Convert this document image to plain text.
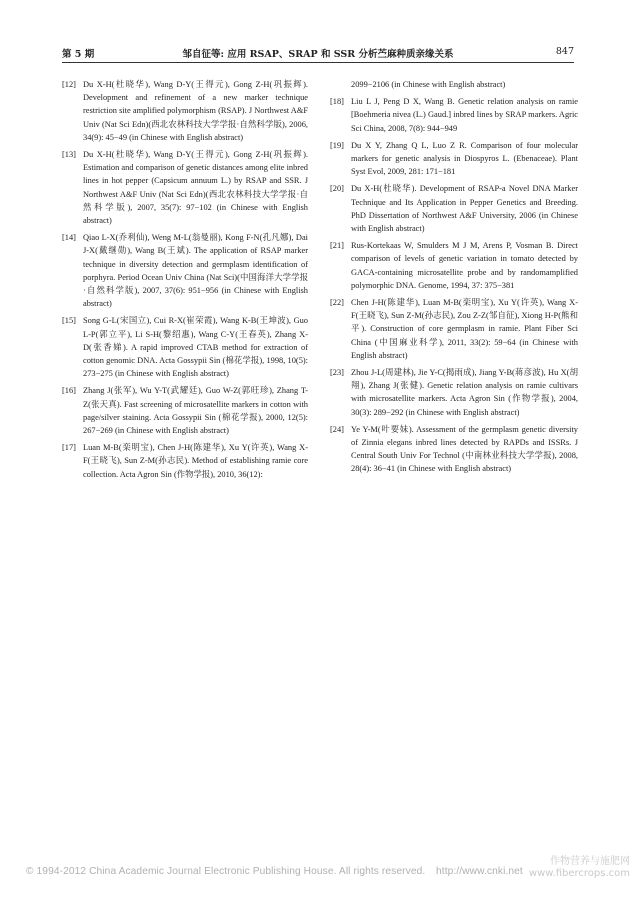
第 5 期	邹自征等: 应用 RSAP、SRAP 和 SSR 分析苎麻种质亲缘关系	847
[12] Du X-H(杜晓华), Wang D-Y(王得元), Gong Z-H(巩振辉). Development and refinement of a new marker technique restriction site amplified polymorphism (RSAP). J Northwest A&F Univ (Nat Sci Edn)(西北农林科技大学学报·自然科学版), 2006, 34(9): 45−49 (in Chinese with English abstract)
[13] Du X-H(杜晓华), Wang D-Y(王得元), Gong Z-H(巩振辉). Estimation and comparison of genetic distances among elite inbred lines in hot pepper (Capsicum annuum L.) by RSAP and SSR. J Northwest A&F Univ (Nat Sci Edn)(西北农林科技大学学报·自然科学版), 2007, 35(7): 97−102 (in Chinese with English abstract)
[14] Qiao L-X(乔利仙), Weng M-L(翁曼丽), Kong F-N(孔凡娜), Dai J-X(戴继勋), Wang B(王斌). The application of RSAP marker technique in diversity detection and germplasm identification of porphyra. Period Ocean Univ China (Nat Sci)(中国海洋大学学报·自然科学版), 2007, 37(6): 951−956 (in Chinese with English abstract)
[15] Song G-L(宋国立), Cui R-X(崔荣霞), Wang K-B(王坤波), Guo L-P(郭立平), Li S-H(黎绍惠), Wang C-Y(王春英), Zhang X-D(张香娣). A rapid improved CTAB method for extraction of cotton genomic DNA. Acta Gossypii Sin (棉花学报), 1998, 10(5): 273−275 (in Chinese with English abstract)
[16] Zhang J(张军), Wu Y-T(武耀廷), Guo W-Z(郭旺珍), Zhang T-Z(张天真). Fast screening of microsatellite markers in cotton with page/silver staining. Acta Gossypii Sin (棉花学报), 2000, 12(5): 267−269 (in Chinese with English abstract)
[17] Luan M-B(栾明宝), Chen J-H(陈建华), Xu Y(许英), Wang X-F(王晓飞), Sun Z-M(孙志民). Method of establishing ramie core collection. Acta Agron Sin (作物学报), 2010, 36(12):
2099−2106 (in Chinese with English abstract)
[18] Liu L J, Peng D X, Wang B. Genetic relation analysis on ramie [Boehmeria nivea (L.) Gaud.] inbred lines by SRAP markers. Agric Sci China, 2008, 7(8): 944−949
[19] Du X Y, Zhang Q L, Luo Z R. Comparison of four molecular markers for genetic analysis in Diospyros L. (Ebenaceae). Plant Syst Evol, 2009, 281: 171−181
[20] Du X-H(杜晓华). Development of RSAP-a Novel DNA Marker Technique and Its Application in Pepper Genetics and Breeding. PhD Dissertation of Northwest A&F University, 2006 (in Chinese with English abstract)
[21] Rus-Kortekaas W, Smulders M J M, Arens P, Vosman B. Direct comparison of levels of genetic variation in tomato detected by GACA-containing microsatellite probe and by randomamplified polymorphic DNA. Genome, 1994, 37: 375−381
[22] Chen J-H(陈建华), Luan M-B(栾明宝), Xu Y(许英), Wang X-F(王晓飞), Sun Z-M(孙志民), Zou Z-Z(邹自征), Xiong H-P(熊和平). Construction of core germplasm in ramie. Plant Fiber Sci China (中国麻业科学), 2011, 33(2): 59−64 (in Chinese with English abstract)
[23] Zhou J-L(周建林), Jie Y-C(揭雨成), Jiang Y-B(蒋彦波), Hu X(胡翔), Zhang J(张健). Genetic relation analysis on ramie cultivars with microsatellite markers. Acta Agron Sin (作物学报), 2004, 30(3): 289−292 (in Chinese with English abstract)
[24] Ye Y-M(叶要妹). Assessment of the germplasm genetic diversity of Zinnia elegans inbred lines detected by RAPDs and ISSRs. J Central South Univ For Technol (中南林业科技大学学报), 2008, 28(4): 36−41 (in Chinese with English abstract)
© 1994-2012 China Academic Journal Electronic Publishing House. All rights reserved. http://www.cnki.net
作物营养与施肥网
www.fibercrops.com
